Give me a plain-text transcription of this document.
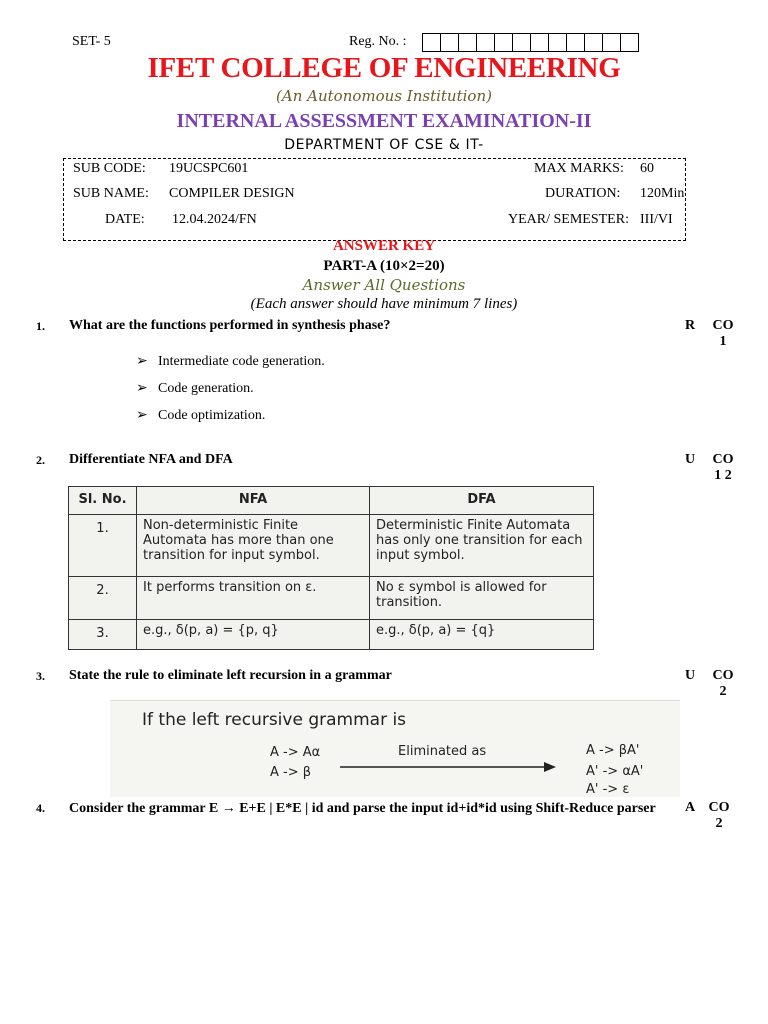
SET- 5	Reg. No. :
IFET COLLEGE OF ENGINEERING
(An Autonomous Institution)
INTERNAL ASSESSMENT EXAMINATION-II
DEPARTMENT OF CSE & IT-
SUB CODE: 19UCSPC601
SUB NAME: COMPILER DESIGN
DATE: 12.04.2024/FN
MAX MARKS: 60
DURATION: 120Min
YEAR/ SEMESTER: III/VI
ANSWER KEY
PART-A (10×2=20)
Answer All Questions
(Each answer should have minimum 7 lines)
1. What are the functions performed in synthesis phase?	R	CO 1
➢ Intermediate code generation.
➢ Code generation.
➢ Code optimization.
2. Differentiate NFA and DFA	U	CO 1 2
Sl. No.	NFA	DFA
1.	Non-deterministic Finite Automata has more than one transition for input symbol.	Deterministic Finite Automata has only one transition for each input symbol.
2.	It performs transition on ε.	No ε symbol is allowed for transition.
3.	e.g., δ(p, a) = {p, q}	e.g., δ(p, a) = {q}
3. State the rule to eliminate left recursion in a grammar	U	CO 2
If the left recursive grammar is
A -> Aα
A -> β
Eliminated as	A -> βA'
A' -> αA'
A' -> ε
4. Consider the grammar E → E+E | E*E | id and parse the input id+id*id using Shift-Reduce parser	A CO 2
